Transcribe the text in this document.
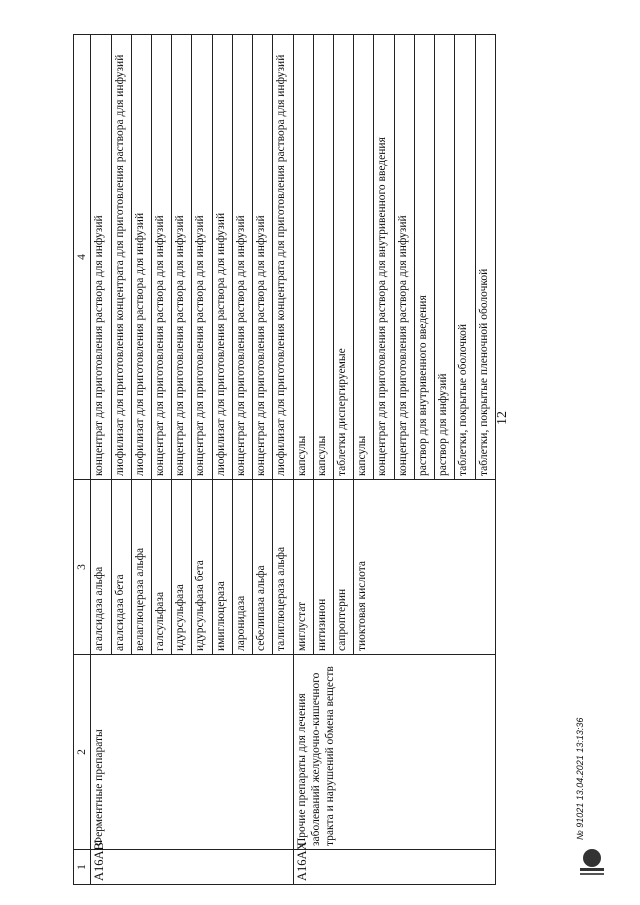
12
1	2	3	4
A16AB	Ферментные препараты	агалсидаза альфа	концентрат для приготовления раствора для инфузий
		агалсидаза бета	лиофилизат для приготовления концентрата для приготовления раствора для инфузий
		велаглюцераза альфа	лиофилизат для приготовления раствора для инфузий
		галсульфаза	концентрат для приготовления раствора для инфузий
		идурсульфаза	концентрат для приготовления раствора для инфузий
		идурсульфаза бета	концентрат для приготовления раствора для инфузий
		имиглюцераза	лиофилизат для приготовления раствора для инфузий
		ларонидаза	концентрат для приготовления раствора для инфузий
		себелипаза альфа	концентрат для приготовления раствора для инфузий
		талиглюцераза альфа	лиофилизат для приготовления концентрата для приготовления раствора для инфузий
A16AX	Прочие препараты для лечения заболеваний желудочно-кишечного тракта и нарушений обмена веществ	миглустат	капсулы
		нитизинон	капсулы
		сапроптерин	таблетки диспергируемые
		тиоктовая кислота	капсулы
			концентрат для приготовления раствора для внутривенного введения
			концентрат для приготовления раствора для инфузий
			раствор для внутривенного введения
			раствор для инфузий
			таблетки, покрытые оболочкой
			таблетки, покрытые пленочной оболочкой
№ 91021 13.04.2021 13:13:36
